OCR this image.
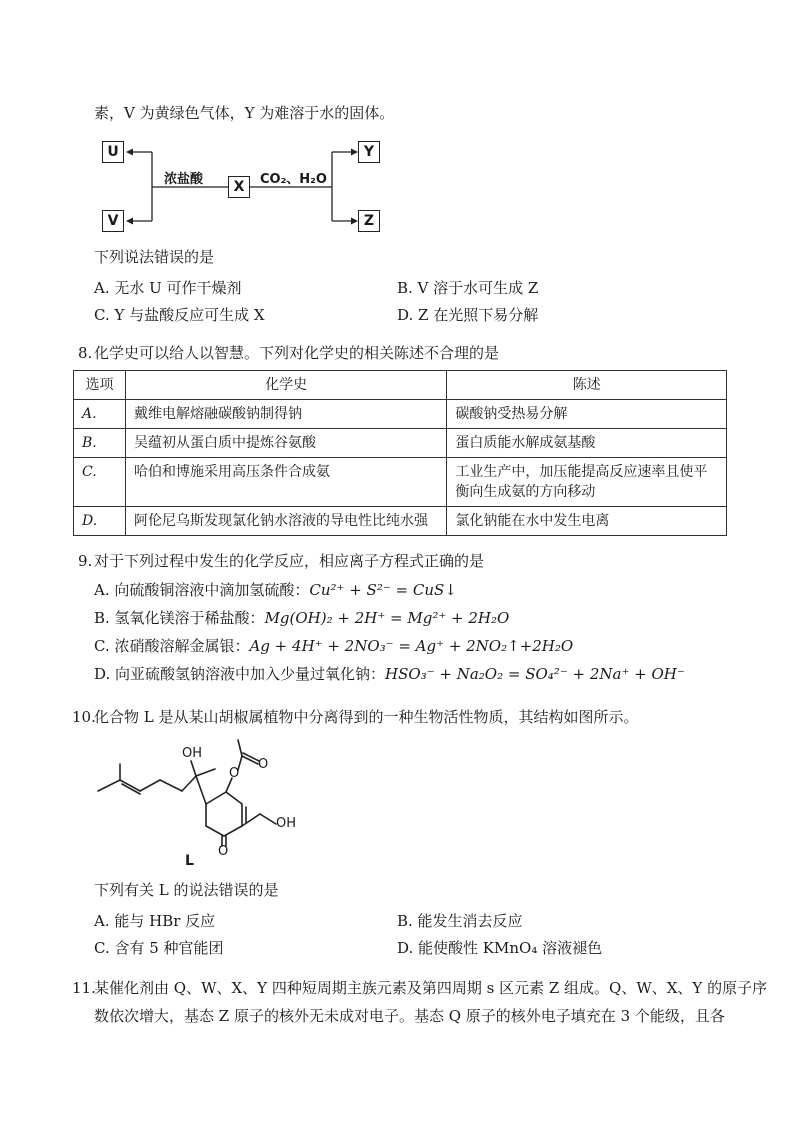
素，V 为黄绿色气体，Y 为难溶于水的固体。
U
V
X
Y
Z
浓盐酸	CO₂、H₂O
下列说法错误的是
A. 无水 U 可作干燥剂	B. V 溶于水可生成 Z
C. Y 与盐酸反应可生成 X	D. Z 在光照下易分解
8. 化学史可以给人以智慧。下列对化学史的相关陈述不合理的是
选项	化学史	陈述
A.	戴维电解熔融碳酸钠制得钠	碳酸钠受热易分解
B.	吴蕴初从蛋白质中提炼谷氨酸	蛋白质能水解成氨基酸
C.	哈伯和博施采用高压条件合成氨	工业生产中，加压能提高反应速率且使平衡向生成氨的方向移动
D.	阿伦尼乌斯发现氯化钠水溶液的导电性比纯水强	氯化钠能在水中发生电离
9. 对于下列过程中发生的化学反应，相应离子方程式正确的是
A. 向硫酸铜溶液中滴加氢硫酸：Cu²⁺ + S²⁻ = CuS↓
B. 氢氧化镁溶于稀盐酸：Mg(OH)₂ + 2H⁺ = Mg²⁺ + 2H₂O
C. 浓硝酸溶解金属银：Ag + 4H⁺ + 2NO₃⁻ = Ag⁺ + 2NO₂↑+2H₂O
D. 向亚硫酸氢钠溶液中加入少量过氧化钠：HSO₃⁻ + Na₂O₂ = SO₄²⁻ + 2Na⁺ + OH⁻
10.
化合物 L 是从某山胡椒属植物中分离得到的一种生物活性物质，其结构如图所示。
OH
O
O
OH
O
L
下列有关 L 的说法错误的是
A. 能与 HBr 反应	B. 能发生消去反应
C. 含有 5 种官能团	D. 能使酸性 KMnO₄ 溶液褪色
11.
某催化剂由 Q、W、X、Y 四种短周期主族元素及第四周期 s 区元素 Z 组成。Q、W、X、Y 的原子序
数依次增大，基态 Z 原子的核外无未成对电子。基态 Q 原子的核外电子填充在 3 个能级，且各
